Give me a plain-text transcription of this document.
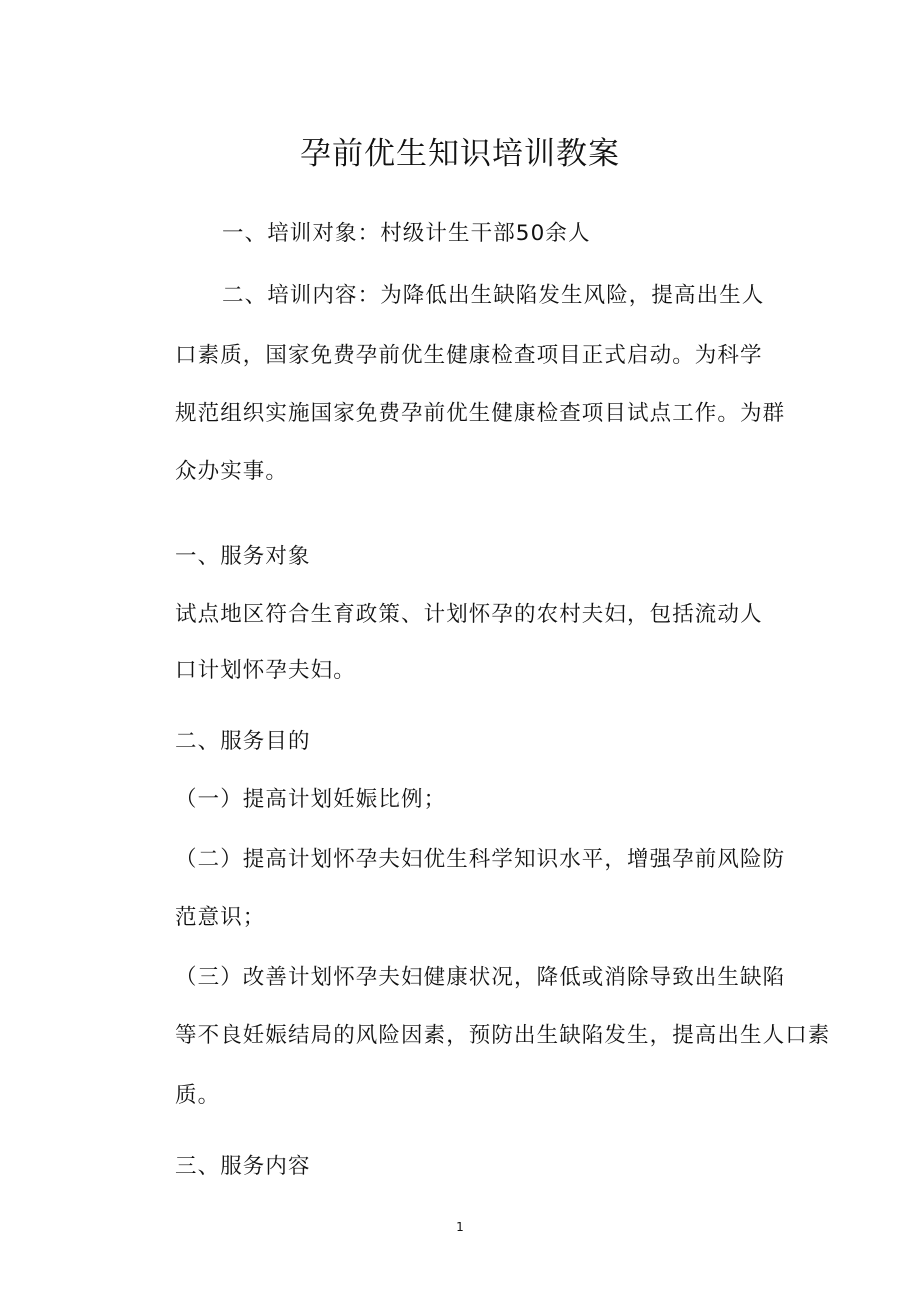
孕前优生知识培训教案
一、培训对象：村级计生干部50余人
二、培训内容：为降低出生缺陷发生风险，提高出生人
口素质，国家免费孕前优生健康检查项目正式启动。为科学
规范组织实施国家免费孕前优生健康检查项目试点工作。为群
众办实事。
一、服务对象
试点地区符合生育政策、计划怀孕的农村夫妇，包括流动人
口计划怀孕夫妇。
二、服务目的
（一）提高计划妊娠比例；
（二）提高计划怀孕夫妇优生科学知识水平，增强孕前风险防
范意识；
（三）改善计划怀孕夫妇健康状况，降低或消除导致出生缺陷
等不良妊娠结局的风险因素，预防出生缺陷发生，提高出生人口素
质。
三、服务内容
1
